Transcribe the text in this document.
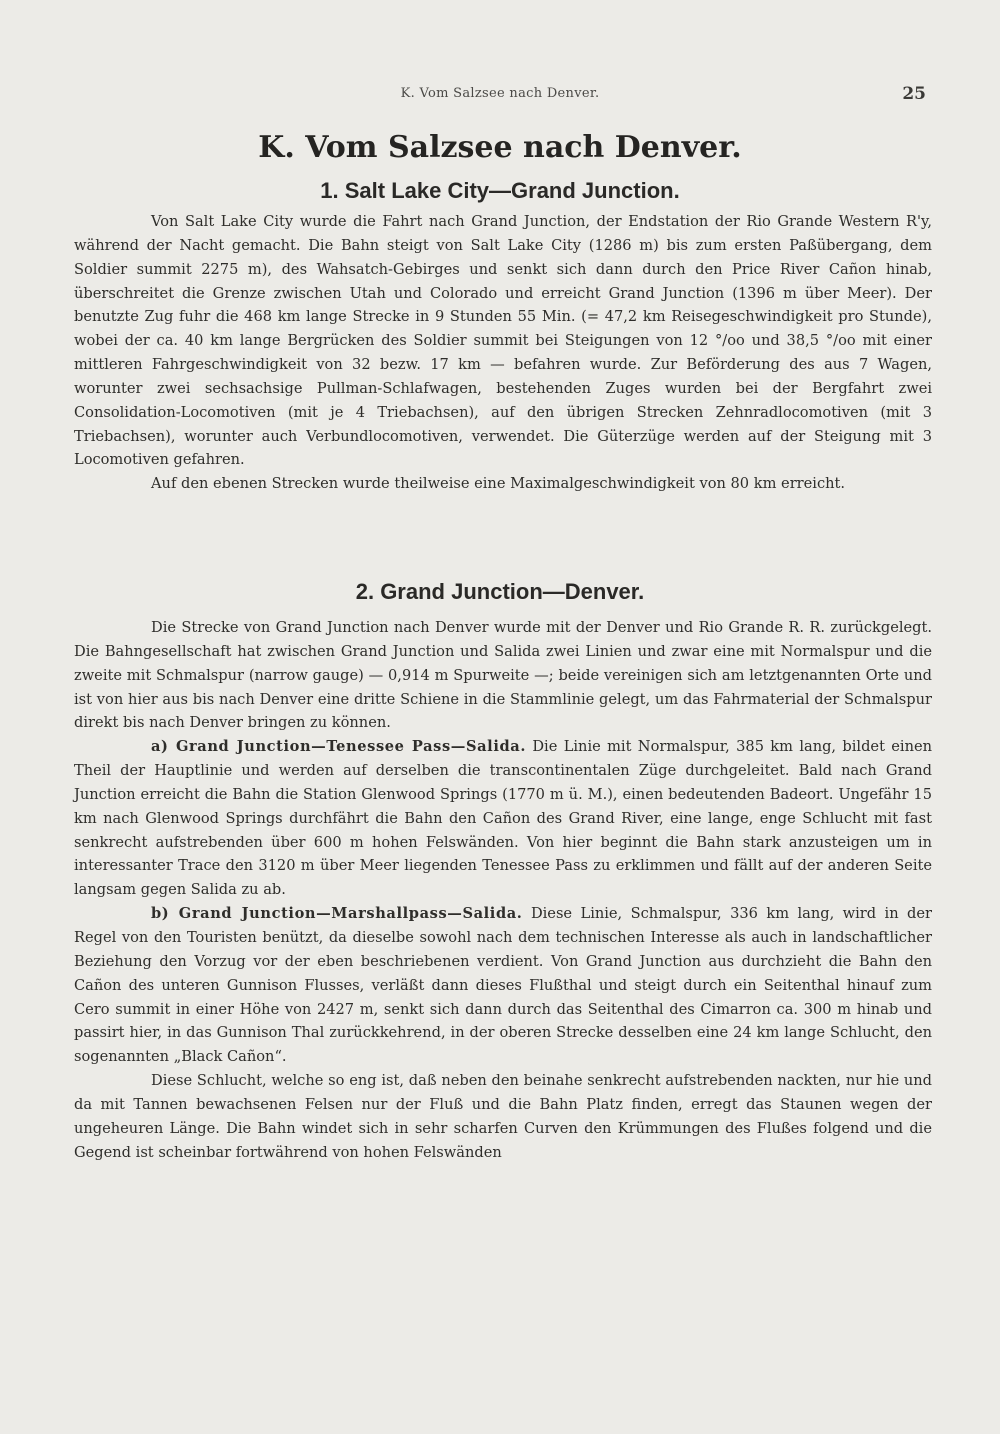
K. Vom Salzsee nach Denver.	25
K. Vom Salzsee nach Denver.
1. Salt Lake City—Grand Junction.

Von Salt Lake City wurde die Fahrt nach Grand Junction, der Endstation der Rio Grande Western R'y, während der Nacht gemacht. Die Bahn steigt von Salt Lake City (1286 m) bis zum ersten Paßübergang, dem Soldier summit 2275 m), des Wahsatch-Gebirges und senkt sich dann durch den Price River Cañon hinab, überschreitet die Grenze zwischen Utah und Colorado und erreicht Grand Junction (1396 m über Meer). Der benutzte Zug fuhr die 468 km lange Strecke in 9 Stunden 55 Min. (= 47,2 km Reisegeschwindigkeit pro Stunde), wobei der ca. 40 km lange Bergrücken des Soldier summit bei Steigungen von 12 °/oo und 38,5 °/oo mit einer mittleren Fahrgeschwindigkeit von 32 bezw. 17 km — befahren wurde. Zur Beförderung des aus 7 Wagen, worunter zwei sechsachsige Pullman-Schlafwagen, bestehenden Zuges wurden bei der Bergfahrt zwei Consolidation-Locomotiven (mit je 4 Triebachsen), auf den übrigen Strecken Zehnradlocomotiven (mit 3 Triebachsen), worunter auch Verbundlocomotiven, verwendet. Die Güterzüge werden auf der Steigung mit 3 Locomotiven gefahren.

Auf den ebenen Strecken wurde theilweise eine Maximalgeschwindigkeit von 80 km erreicht.

2. Grand Junction—Denver.

Die Strecke von Grand Junction nach Denver wurde mit der Denver und Rio Grande R. R. zurückgelegt. Die Bahngesellschaft hat zwischen Grand Junction und Salida zwei Linien und zwar eine mit Normalspur und die zweite mit Schmalspur (narrow gauge) — 0,914 m Spurweite —; beide vereinigen sich am letztgenannten Orte und ist von hier aus bis nach Denver eine dritte Schiene in die Stammlinie gelegt, um das Fahrmaterial der Schmalspur direkt bis nach Denver bringen zu können.

a) Grand Junction—Tenessee Pass—Salida. Die Linie mit Normalspur, 385 km lang, bildet einen Theil der Hauptlinie und werden auf derselben die transcontinentalen Züge durchgeleitet. Bald nach Grand Junction erreicht die Bahn die Station Glenwood Springs (1770 m ü. M.), einen bedeutenden Badeort. Ungefähr 15 km nach Glenwood Springs durchfährt die Bahn den Cañon des Grand River, eine lange, enge Schlucht mit fast senkrecht aufstrebenden über 600 m hohen Felswänden. Von hier beginnt die Bahn stark anzusteigen um in interessanter Trace den 3120 m über Meer liegenden Tenessee Pass zu erklimmen und fällt auf der anderen Seite langsam gegen Salida zu ab.

b) Grand Junction—Marshallpass—Salida. Diese Linie, Schmalspur, 336 km lang, wird in der Regel von den Touristen benützt, da dieselbe sowohl nach dem technischen Interesse als auch in landschaftlicher Beziehung den Vorzug vor der eben beschriebenen verdient. Von Grand Junction aus durchzieht die Bahn den Cañon des unteren Gunnison Flusses, verläßt dann dieses Flußthal und steigt durch ein Seitenthal hinauf zum Cero summit in einer Höhe von 2427 m, senkt sich dann durch das Seitenthal des Cimarron ca. 300 m hinab und passirt hier, in das Gunnison Thal zurückkehrend, in der oberen Strecke desselben eine 24 km lange Schlucht, den sogenannten „Black Cañon“.

Diese Schlucht, welche so eng ist, daß neben den beinahe senkrecht aufstrebenden nackten, nur hie und da mit Tannen bewachsenen Felsen nur der Fluß und die Bahn Platz finden, erregt das Staunen wegen der ungeheuren Länge. Die Bahn windet sich in sehr scharfen Curven den Krümmungen des Flußes folgend und die Gegend ist scheinbar fortwährend von hohen Felswänden
